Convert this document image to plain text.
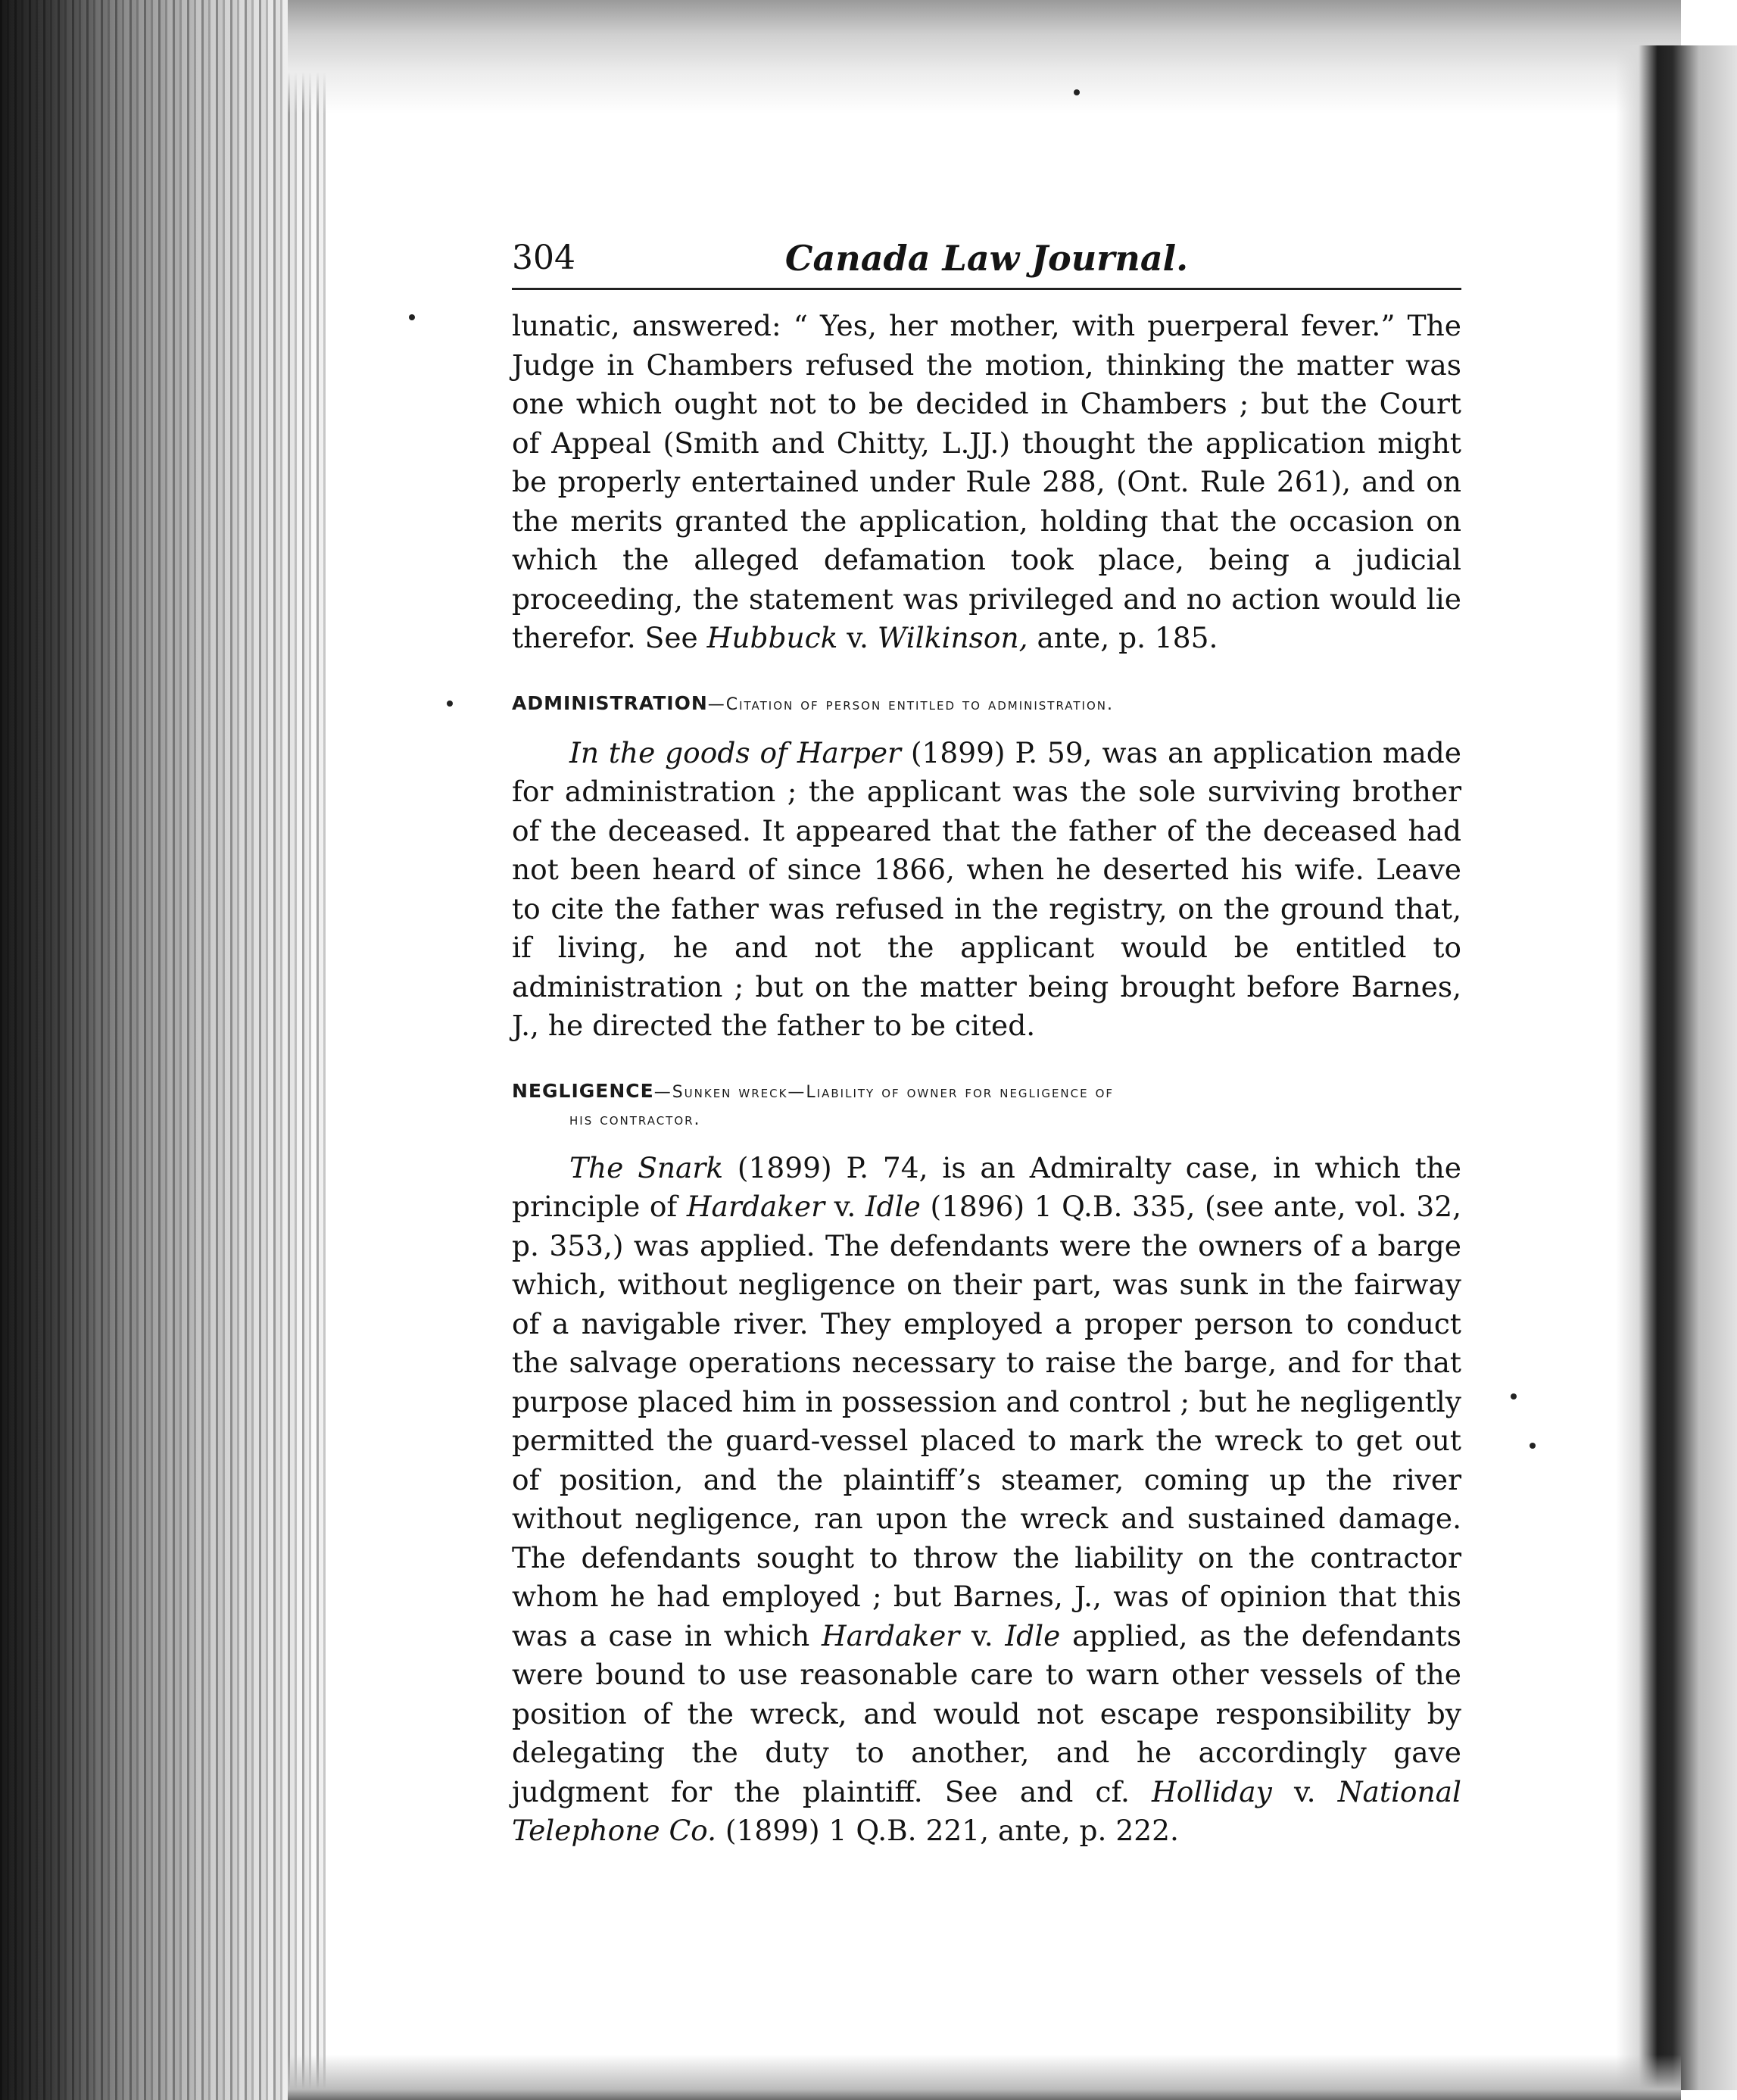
304	Canada Law Journal.

lunatic, answered: “ Yes, her mother, with puerperal fever.” The Judge in Chambers refused the motion, thinking the matter was one which ought not to be decided in Chambers ; but the Court of Appeal (Smith and Chitty, L.JJ.) thought the application might be properly entertained under Rule 288, (Ont. Rule 261), and on the merits granted the application, holding that the occasion on which the alleged defamation took place, being a judicial proceeding, the statement was privileged and no action would lie therefor. See Hubbuck v. Wilkinson, ante, p. 185.

ADMINISTRATION—Citation of person entitled to administration.

In the goods of Harper (1899) P. 59, was an application made for administration ; the applicant was the sole surviving brother of the deceased. It appeared that the father of the deceased had not been heard of since 1866, when he deserted his wife. Leave to cite the father was refused in the registry, on the ground that, if living, he and not the applicant would be entitled to administration ; but on the matter being brought before Barnes, J., he directed the father to be cited.

NEGLIGENCE—Sunken wreck—Liability of owner for negligence of
his contractor.

The Snark (1899) P. 74, is an Admiralty case, in which the principle of Hardaker v. Idle (1896) 1 Q.B. 335, (see ante, vol. 32, p. 353,) was applied. The defendants were the owners of a barge which, without negligence on their part, was sunk in the fairway of a navigable river. They employed a proper person to conduct the salvage operations necessary to raise the barge, and for that purpose placed him in possession and control ; but he negligently permitted the guard-vessel placed to mark the wreck to get out of position, and the plaintiff’s steamer, coming up the river without negligence, ran upon the wreck and sustained damage. The defendants sought to throw the liability on the contractor whom he had employed ; but Barnes, J., was of opinion that this was a case in which Hardaker v. Idle applied, as the defendants were bound to use reasonable care to warn other vessels of the position of the wreck, and would not escape responsibility by delegating the duty to another, and he accordingly gave judgment for the plaintiff. See and cf. Holliday v. National Telephone Co. (1899) 1 Q.B. 221, ante, p. 222.
